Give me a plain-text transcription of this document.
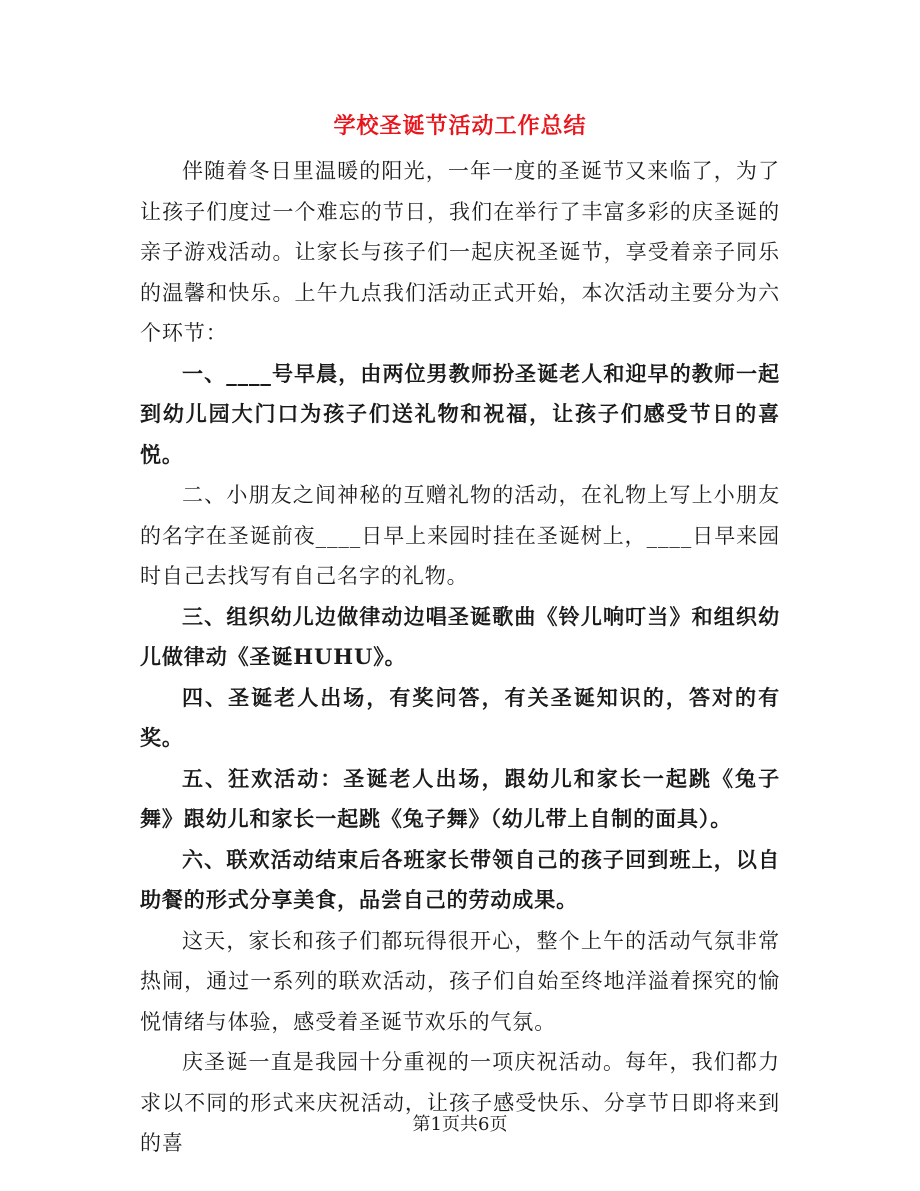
学校圣诞节活动工作总结

伴随着冬日里温暖的阳光，一年一度的圣诞节又来临了，为了让孩子们度过一个难忘的节日，我们在举行了丰富多彩的庆圣诞的亲子游戏活动。让家长与孩子们一起庆祝圣诞节，享受着亲子同乐的温馨和快乐。上午九点我们活动正式开始，本次活动主要分为六个环节：

一、____号早晨，由两位男教师扮圣诞老人和迎早的教师一起到幼儿园大门口为孩子们送礼物和祝福，让孩子们感受节日的喜悦。

二、小朋友之间神秘的互赠礼物的活动，在礼物上写上小朋友的名字在圣诞前夜____日早上来园时挂在圣诞树上，____日早来园时自己去找写有自己名字的礼物。

三、组织幼儿边做律动边唱圣诞歌曲《铃儿响叮当》和组织幼儿做律动《圣诞HUHU》。

四、圣诞老人出场，有奖问答，有关圣诞知识的，答对的有奖。

五、狂欢活动：圣诞老人出场，跟幼儿和家长一起跳《兔子舞》跟幼儿和家长一起跳《兔子舞》（幼儿带上自制的面具）。

六、联欢活动结束后各班家长带领自己的孩子回到班上，以自助餐的形式分享美食，品尝自己的劳动成果。

这天，家长和孩子们都玩得很开心，整个上午的活动气氛非常热闹，通过一系列的联欢活动，孩子们自始至终地洋溢着探究的愉悦情绪与体验，感受着圣诞节欢乐的气氛。

庆圣诞一直是我园十分重视的一项庆祝活动。每年，我们都力求以不同的形式来庆祝活动，让孩子感受快乐、分享节日即将来到的喜

第1页共6页
